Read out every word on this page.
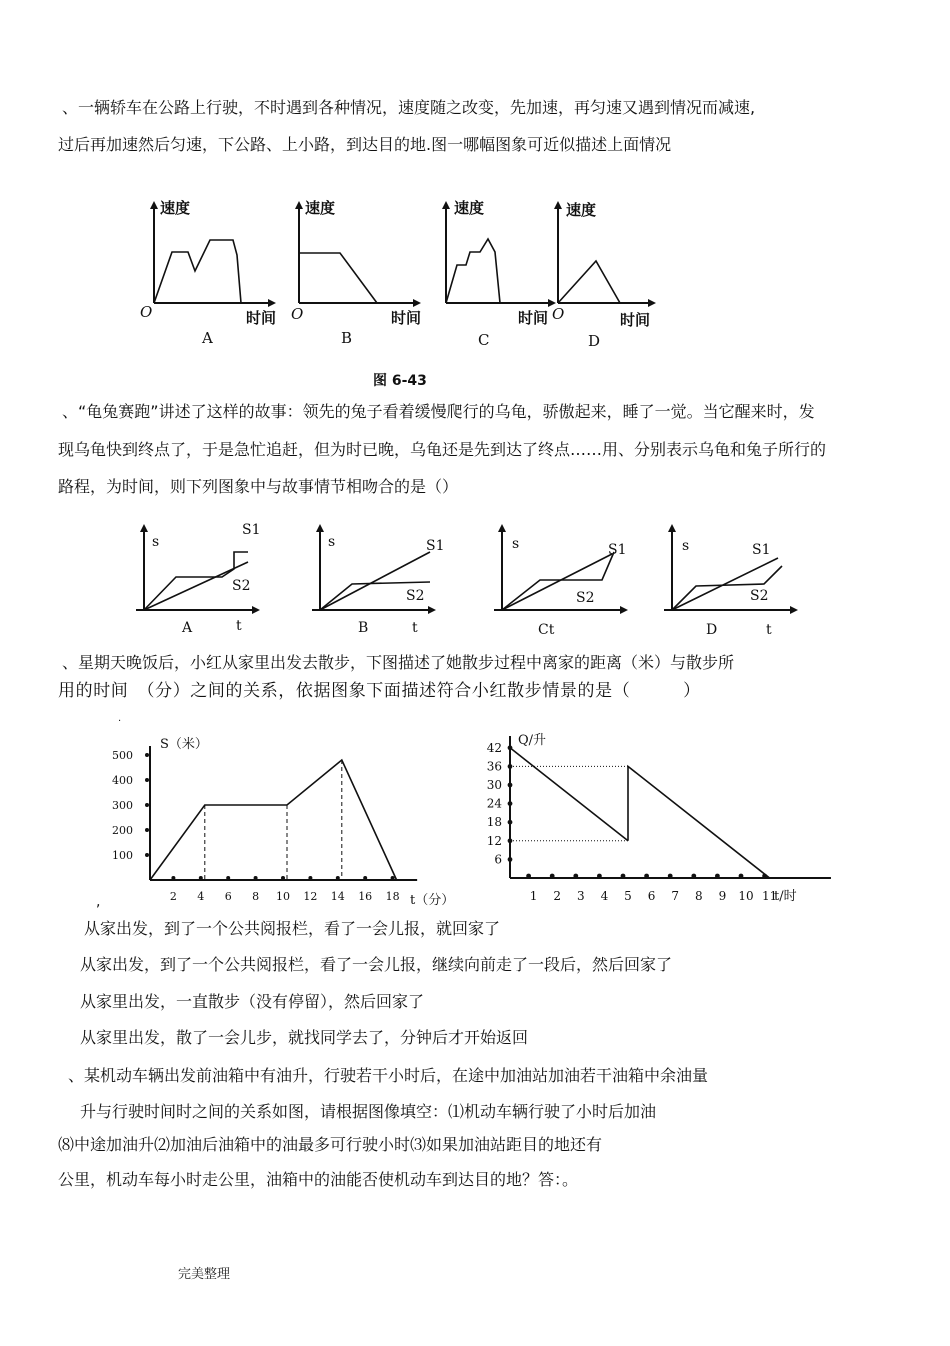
、一辆轿车在公路上行驶，不时遇到各种情况，速度随之改变，先加速，再匀速又遇到情况而减速,
过后再加速然后匀速，下公路、上小路，到达目的地.图一哪幅图象可近似描述上面情况
速度
O	时间
A
速度
O	时间
B
速度
时间
C
速度
O	时间
D
图 6-43
、“龟兔赛跑”讲述了这样的故事：领先的兔子看着缓慢爬行的乌龟，骄傲起来，睡了一觉。当它醒来时，发
现乌龟快到终点了，于是急忙追赶，但为时已晚，乌龟还是先到达了终点……用、分别表示乌龟和兔子所行的
路程，为时间，则下列图象中与故事情节相吻合的是（）
s
S1
S2
A	t
s	S1
S2
B	t
s	S1
S2
Ct
s	S1
S2
D	t
、星期天晚饭后，小红从家里出发去散步，下图描述了她散步过程中离家的距离（米）与散步所
用的时间　（分）之间的关系，依据图象下面描述符合小红散步情景的是（　　　）
S（米）
t（分）
,
·
100
200
300
400
500
2 4 6 8 10 12 14 16 18
Q/升
t/时
6
12
18
24
30
36
42
1 2 3 4 5 6 7 8 9 10 11
从家出发，到了一个公共阅报栏，看了一会儿报，就回家了
从家出发，到了一个公共阅报栏，看了一会儿报，继续向前走了一段后，然后回家了
从家里出发，一直散步（没有停留），然后回家了
从家里出发，散了一会儿步，就找同学去了，分钟后才开始返回
、某机动车辆出发前油箱中有油升，行驶若干小时后，在途中加油站加油若干油箱中余油量
升与行驶时间时之间的关系如图，请根据图像填空：⑴机动车辆行驶了小时后加油
⑻中途加油升⑵加油后油箱中的油最多可行驶小时⑶如果加油站距目的地还有
公里，机动车每小时走公里，油箱中的油能否使机动车到达目的地？答：。
完美整理
